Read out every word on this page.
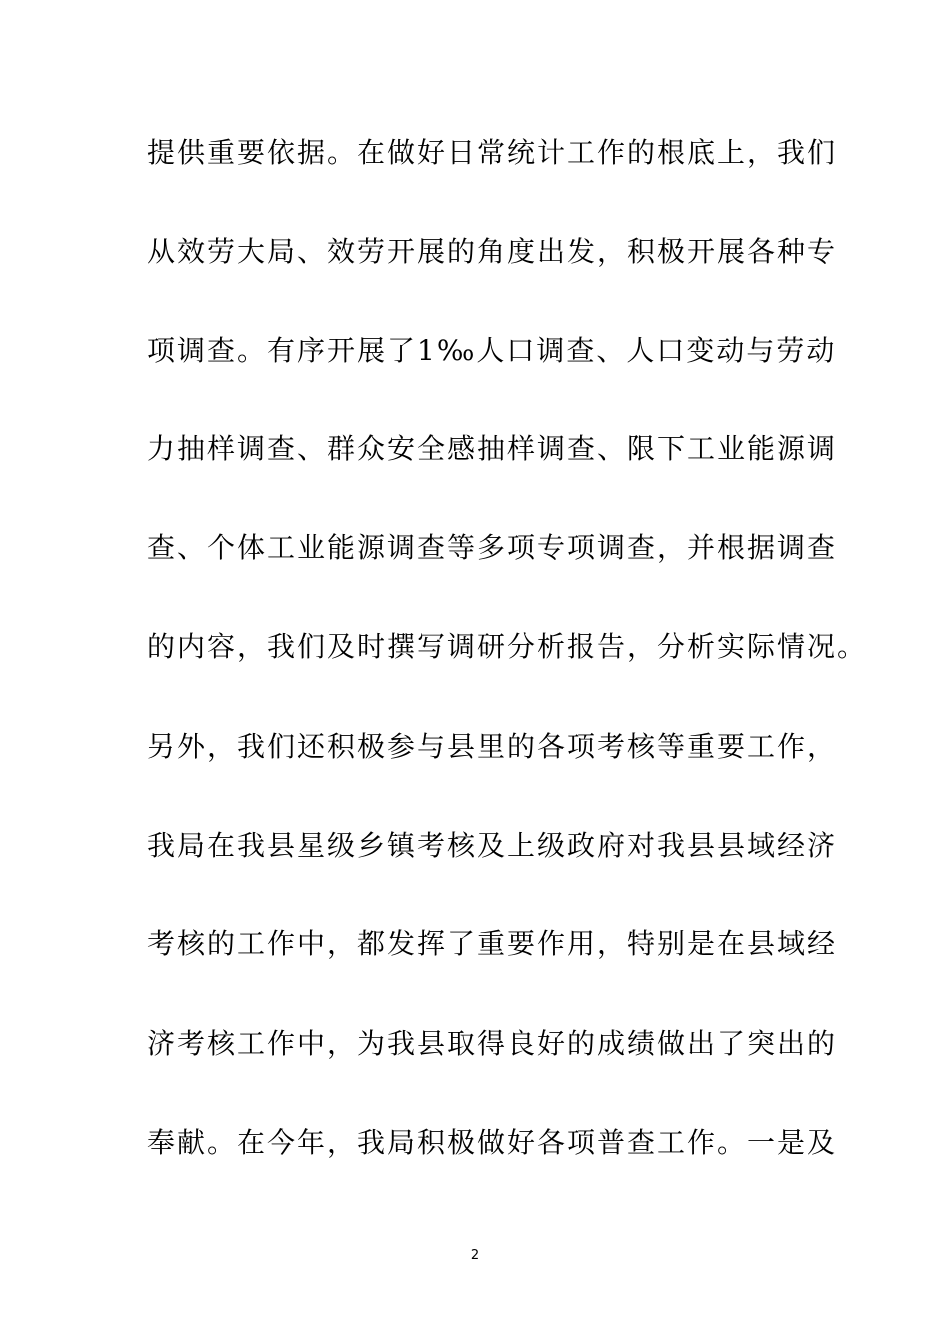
提供重要依据。在做好日常统计工作的根底上，我们
从效劳大局、效劳开展的角度出发，积极开展各种专
项调查。有序开展了1‰人口调查、人口变动与劳动
力抽样调查、群众安全感抽样调查、限下工业能源调
查、个体工业能源调查等多项专项调查，并根据调查
的内容，我们及时撰写调研分析报告，分析实际情况。
另外，我们还积极参与县里的各项考核等重要工作，
我局在我县星级乡镇考核及上级政府对我县县域经济
考核的工作中，都发挥了重要作用，特别是在县域经
济考核工作中，为我县取得良好的成绩做出了突出的
奉献。在今年，我局积极做好各项普查工作。一是及
2
